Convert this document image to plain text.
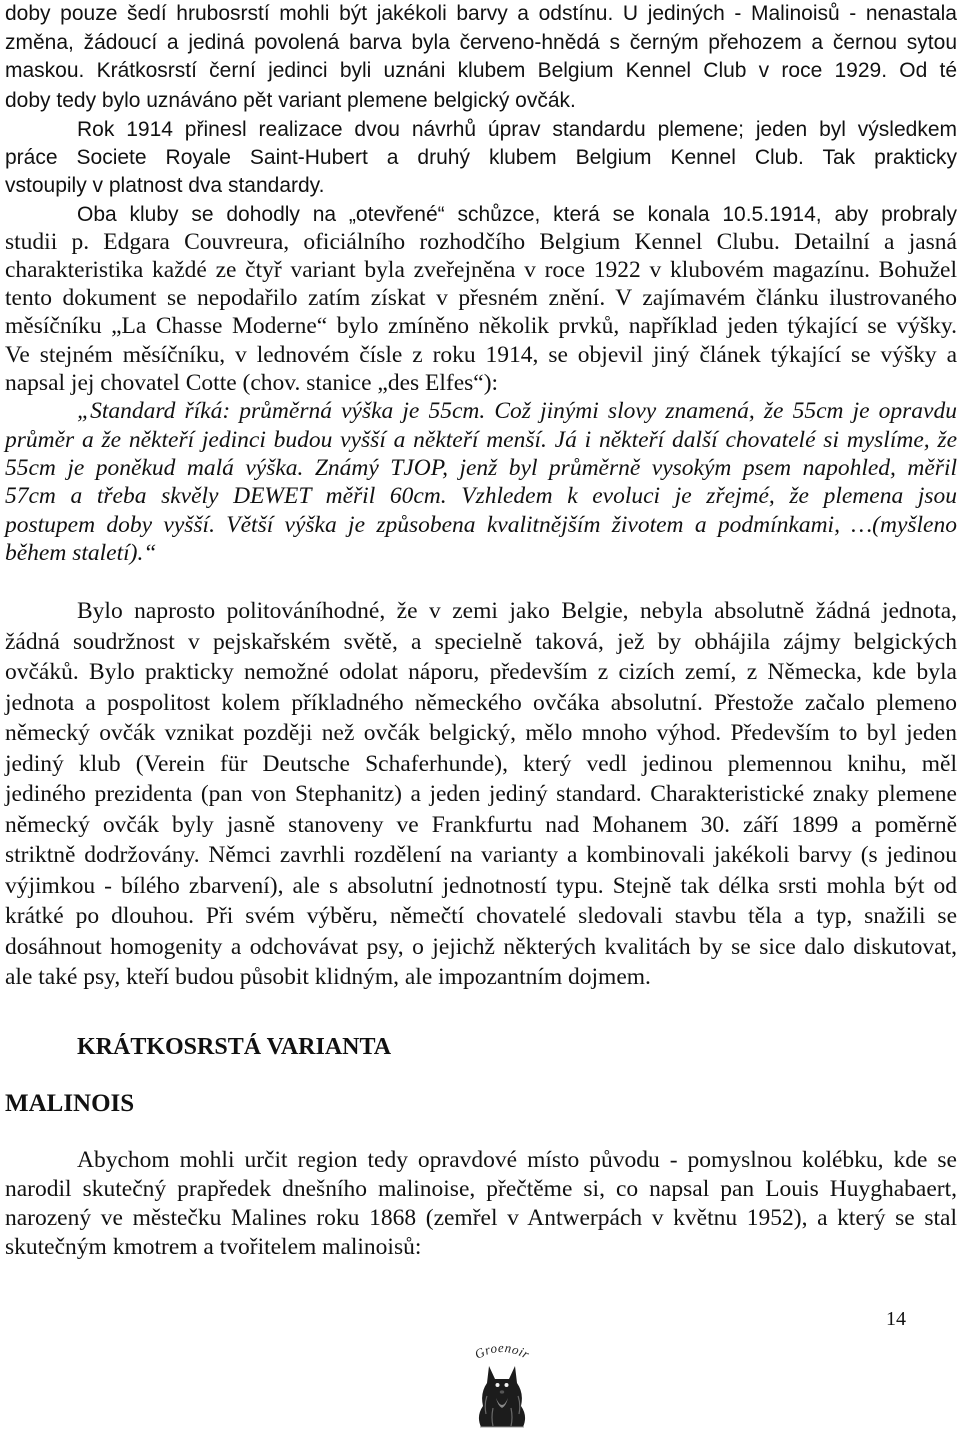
doby pouze šedí hrubosrstí mohli být jakékoli barvy a odstínu. U jediných - Malinoisů - nenastala
změna, žádoucí a jediná povolená barva byla červeno-hnědá s černým přehozem a černou sytou
maskou. Krátkosrstí černí jedinci byli uznáni klubem Belgium Kennel Club v roce 1929. Od té
doby tedy bylo uznáváno pět variant plemene belgický ovčák.
Rok 1914 přinesl realizace dvou návrhů úprav standardu plemene; jeden byl výsledkem
práce Societe Royale Saint-Hubert a druhý klubem Belgium Kennel Club. Tak prakticky
vstoupily v platnost dva standardy.
Oba kluby se dohodly na „otevřené“ schůzce, která se konala 10.5.1914, aby probraly
studii p. Edgara Couvreura, oficiálního rozhodčího Belgium Kennel Clubu. Detailní a jasná
charakteristika každé ze čtyř variant byla zveřejněna v roce 1922 v klubovém magazínu. Bohužel
tento dokument se nepodařilo zatím získat v přesném znění. V zajímavém článku ilustrovaného
měsíčníku „La Chasse Moderne“ bylo zmíněno několik prvků, například jeden týkající se výšky.
Ve stejném měsíčníku, v lednovém čísle z roku 1914, se objevil jiný článek týkající se výšky a
napsal jej chovatel Cotte (chov. stanice „des Elfes“):
„Standard říká: průměrná výška je 55cm. Což jinými slovy znamená, že 55cm je opravdu
průměr a že někteří jedinci budou vyšší a někteří menší. Já i někteří další chovatelé si myslíme, že
55cm je poněkud malá výška. Známý TJOP, jenž byl průměrně vysokým psem napohled, měřil
57cm a třeba skvěly DEWET měřil 60cm. Vzhledem k evoluci je zřejmé, že plemena jsou
postupem doby vyšší. Větší výška je způsobena kvalitnějším životem a podmínkami, …(myšleno
během staletí).“
Bylo naprosto politováníhodné, že v zemi jako Belgie, nebyla absolutně žádná jednota,
žádná soudržnost v pejskařském světě, a specielně taková, jež by obhájila zájmy belgických
ovčáků. Bylo prakticky nemožné odolat náporu, především z cizích zemí, z Německa, kde byla
jednota a pospolitost kolem příkladného německého ovčáka absolutní. Přestože začalo plemeno
německý ovčák vznikat později než ovčák belgický, mělo mnoho výhod. Především to byl jeden
jediný klub (Verein für Deutsche Schaferhunde), který vedl jedinou plemennou knihu, měl
jediného prezidenta (pan von Stephanitz) a jeden jediný standard. Charakteristické znaky plemene
německý ovčák byly jasně stanoveny ve Frankfurtu nad Mohanem 30. září 1899 a poměrně
striktně dodržovány. Němci zavrhli rozdělení na varianty a kombinovali jakékoli barvy (s jedinou
výjimkou - bílého zbarvení), ale s absolutní jednotností typu. Stejně tak délka srsti mohla být od
krátké po dlouhou. Při svém výběru, němečtí chovatelé sledovali stavbu těla a typ, snažili se
dosáhnout homogenity a odchovávat psy, o jejichž některých kvalitách by se sice dalo diskutovat,
ale také psy, kteří budou působit klidným, ale impozantním dojmem.
KRÁTKOSRSTÁ VARIANTA
MALINOIS
Abychom mohli určit region tedy opravdové místo původu - pomyslnou kolébku, kde se
narodil skutečný prapředek dnešního malinoise, přečtěme si, co napsal pan Louis Huyghabaert,
narozený ve městečku Malines roku 1868 (zemřel v Antwerpách v květnu 1952), a který se stal
skutečným kmotrem a tvořitelem malinoisů:
Groenoir
14
